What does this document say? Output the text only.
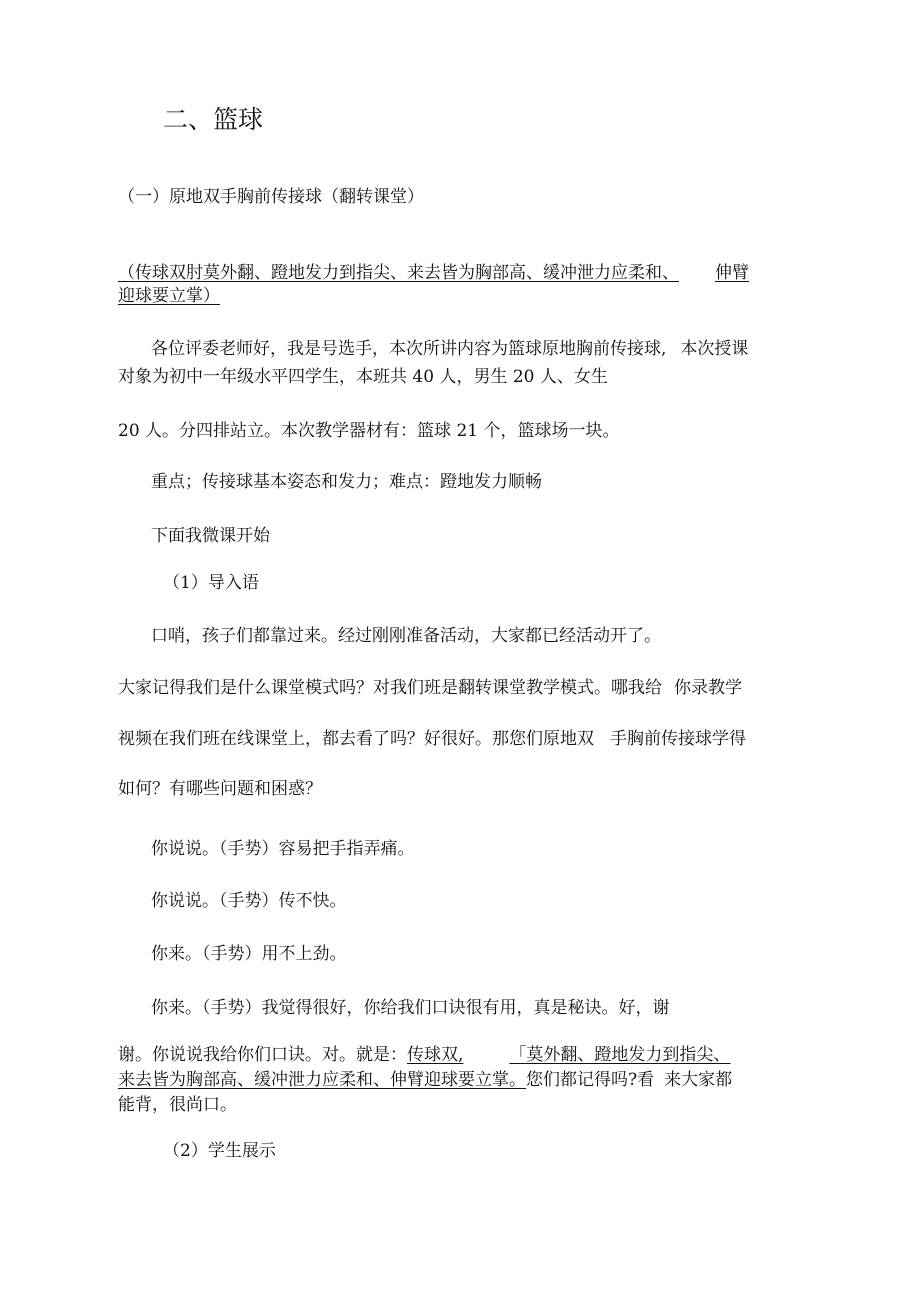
二、篮球

（一）原地双手胸前传接球（翻转课堂）

（传球双肘莫外翻、蹬地发力到指尖、来去皆为胸部高、缓冲泄力应柔和、 伸臂

迎球要立掌）

各位评委老师好，我是号选手，本次所讲内容为篮球原地胸前传接球, 本次授课

对象为初中一年级水平四学生，本班共 40 人，男生 20 人、女生

20 人。分四排站立。本次教学器材有：篮球 21 个，篮球场一块。

重点；传接球基本姿态和发力；难点：蹬地发力顺畅

下面我微课开始

（1）导入语

口哨，孩子们都靠过来。经过刚刚准备活动，大家都已经活动开了。

大家记得我们是什么课堂模式吗？对我们班是翻转课堂教学模式。哪我给 你录教学

视频在我们班在线课堂上，都去看了吗？好很好。那您们原地双 手胸前传接球学得

如何？有哪些问题和困惑？

你说说。（手势）容易把手指弄痛。

你说说。（手势）传不快。

你来。（手势）用不上劲。

你来。（手势）我觉得很好，你给我们口诀很有用，真是秘诀。好，谢

谢。你说说我给你们口诀。对。就是：传球双,	「莫外翻、蹬地发力到指尖、

来去皆为胸部高、缓冲泄力应柔和、伸臂迎球要立掌。您们都记得吗?看 来大家都

能背，很尚口。

（2）学生展示
